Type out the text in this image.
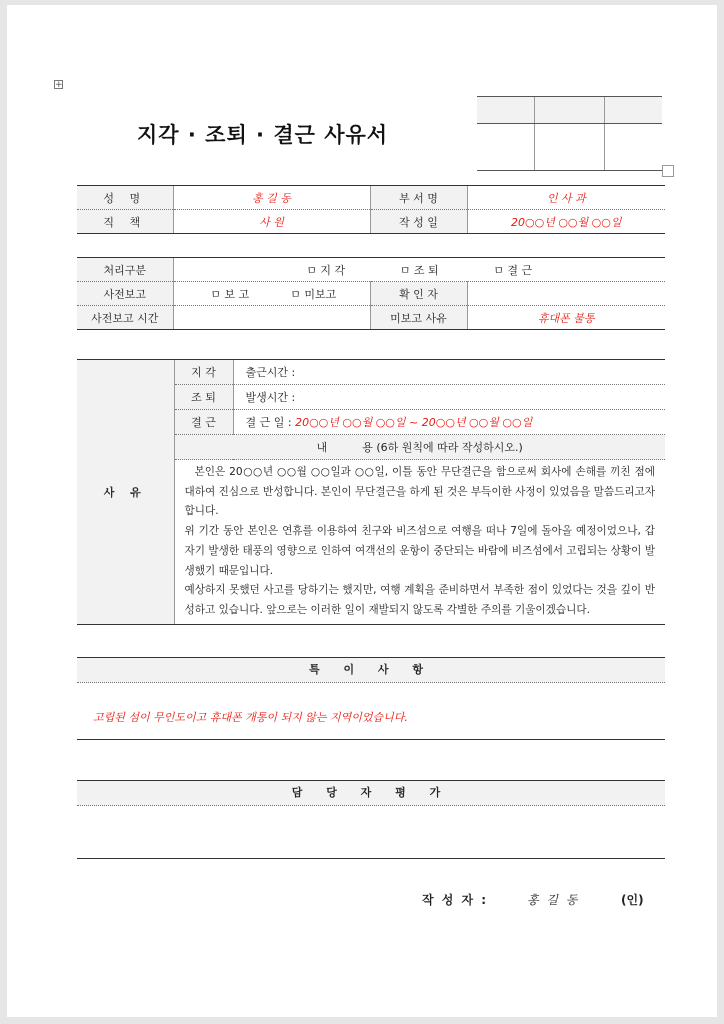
+
지각 · 조퇴 · 결근 사유서

성 명	홍 길 동	부 서 명	인 사 과
직 책	사 원	작 성 일	20○○년 ○○월 ○○일
처리구분	ㅁ 지 각 ㅁ 조 퇴 ㅁ 결 근		
사전보고	ㅁ 보 고 ㅁ 미보고	확 인 자	
사전보고 시간		미보고 사유	휴대폰 불통
사 유	지 각	출근시간 :
	조 퇴	발생시간 :
	결 근	결 근 일 : 20○○년 ○○월 ○○일 ~ 20○○년 ○○월 ○○일
	내          용 (6하 원칙에 따라 작성하시오.)	

	본인은 20○○년 ○○월 ○○일과 ○○일, 이틀 동안 무단결근을 함으로써 회사에 손해를 끼친 점에 대하여 진심으로 반성합니다. 본인이 무단결근을 하게 된 것은 부득이한 사정이 있었음을 말씀드리고자 합니다.

위 기간 동안 본인은 연휴를 이용하여 친구와 비즈섬으로 여행을 떠나 7일에 돌아올 예정이었으나, 갑자기 발생한 태풍의 영향으로 인하여 여객선의 운항이 중단되는 바람에 비즈섬에서 고립되는 상황이 발생했기 때문입니다.

예상하지 못했던 사고를 당하기는 했지만, 여행 계획을 준비하면서 부족한 점이 있었다는 것을 깊이 반성하고 있습니다. 앞으로는 이러한 일이 재발되지 않도록 각별한 주의를 기울이겠습니다.	

특 이 사 항
고립된 섬이 무인도이고 휴대폰 개통이 되지 않는 지역이었습니다.
담 당 자 평 가
작 성 자 :	홍 길 동	(인)
